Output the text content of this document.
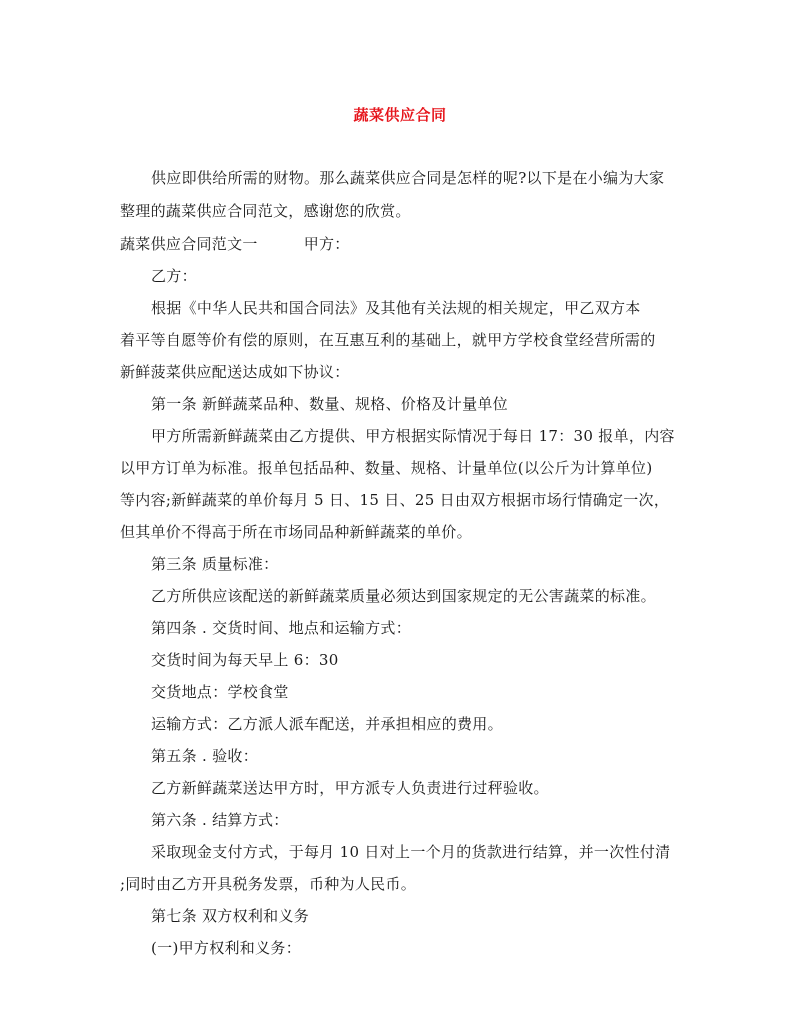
蔬菜供应合同
供应即供给所需的财物。那么蔬菜供应合同是怎样的呢?以下是在小编为大家
整理的蔬菜供应合同范文，感谢您的欣赏。
蔬菜供应合同范文一	甲方：
乙方：
根据《中华人民共和国合同法》及其他有关法规的相关规定，甲乙双方本
着平等自愿等价有偿的原则，在互惠互利的基础上，就甲方学校食堂经营所需的
新鲜菠菜供应配送达成如下协议：
第一条 新鲜蔬菜品种、数量、规格、价格及计量单位
甲方所需新鲜蔬菜由乙方提供、甲方根据实际情况于每日 17：30 报单，内容
以甲方订单为标准。报单包括品种、数量、规格、计量单位(以公斤为计算单位)
等内容;新鲜蔬菜的单价每月 5 日、15 日、25 日由双方根据市场行情确定一次，
但其单价不得高于所在市场同品种新鲜蔬菜的单价。
第三条 质量标准：
乙方所供应该配送的新鲜蔬菜质量必须达到国家规定的无公害蔬菜的标准。
第四条 . 交货时间、地点和运输方式：
交货时间为每天早上 6：30
交货地点：学校食堂
运输方式：乙方派人派车配送，并承担相应的费用。
第五条 . 验收：
乙方新鲜蔬菜送达甲方时，甲方派专人负责进行过秤验收。
第六条 . 结算方式：
采取现金支付方式，于每月 10 日对上一个月的货款进行结算，并一次性付清
;同时由乙方开具税务发票，币种为人民币。
第七条 双方权利和义务
(一)甲方权利和义务：
